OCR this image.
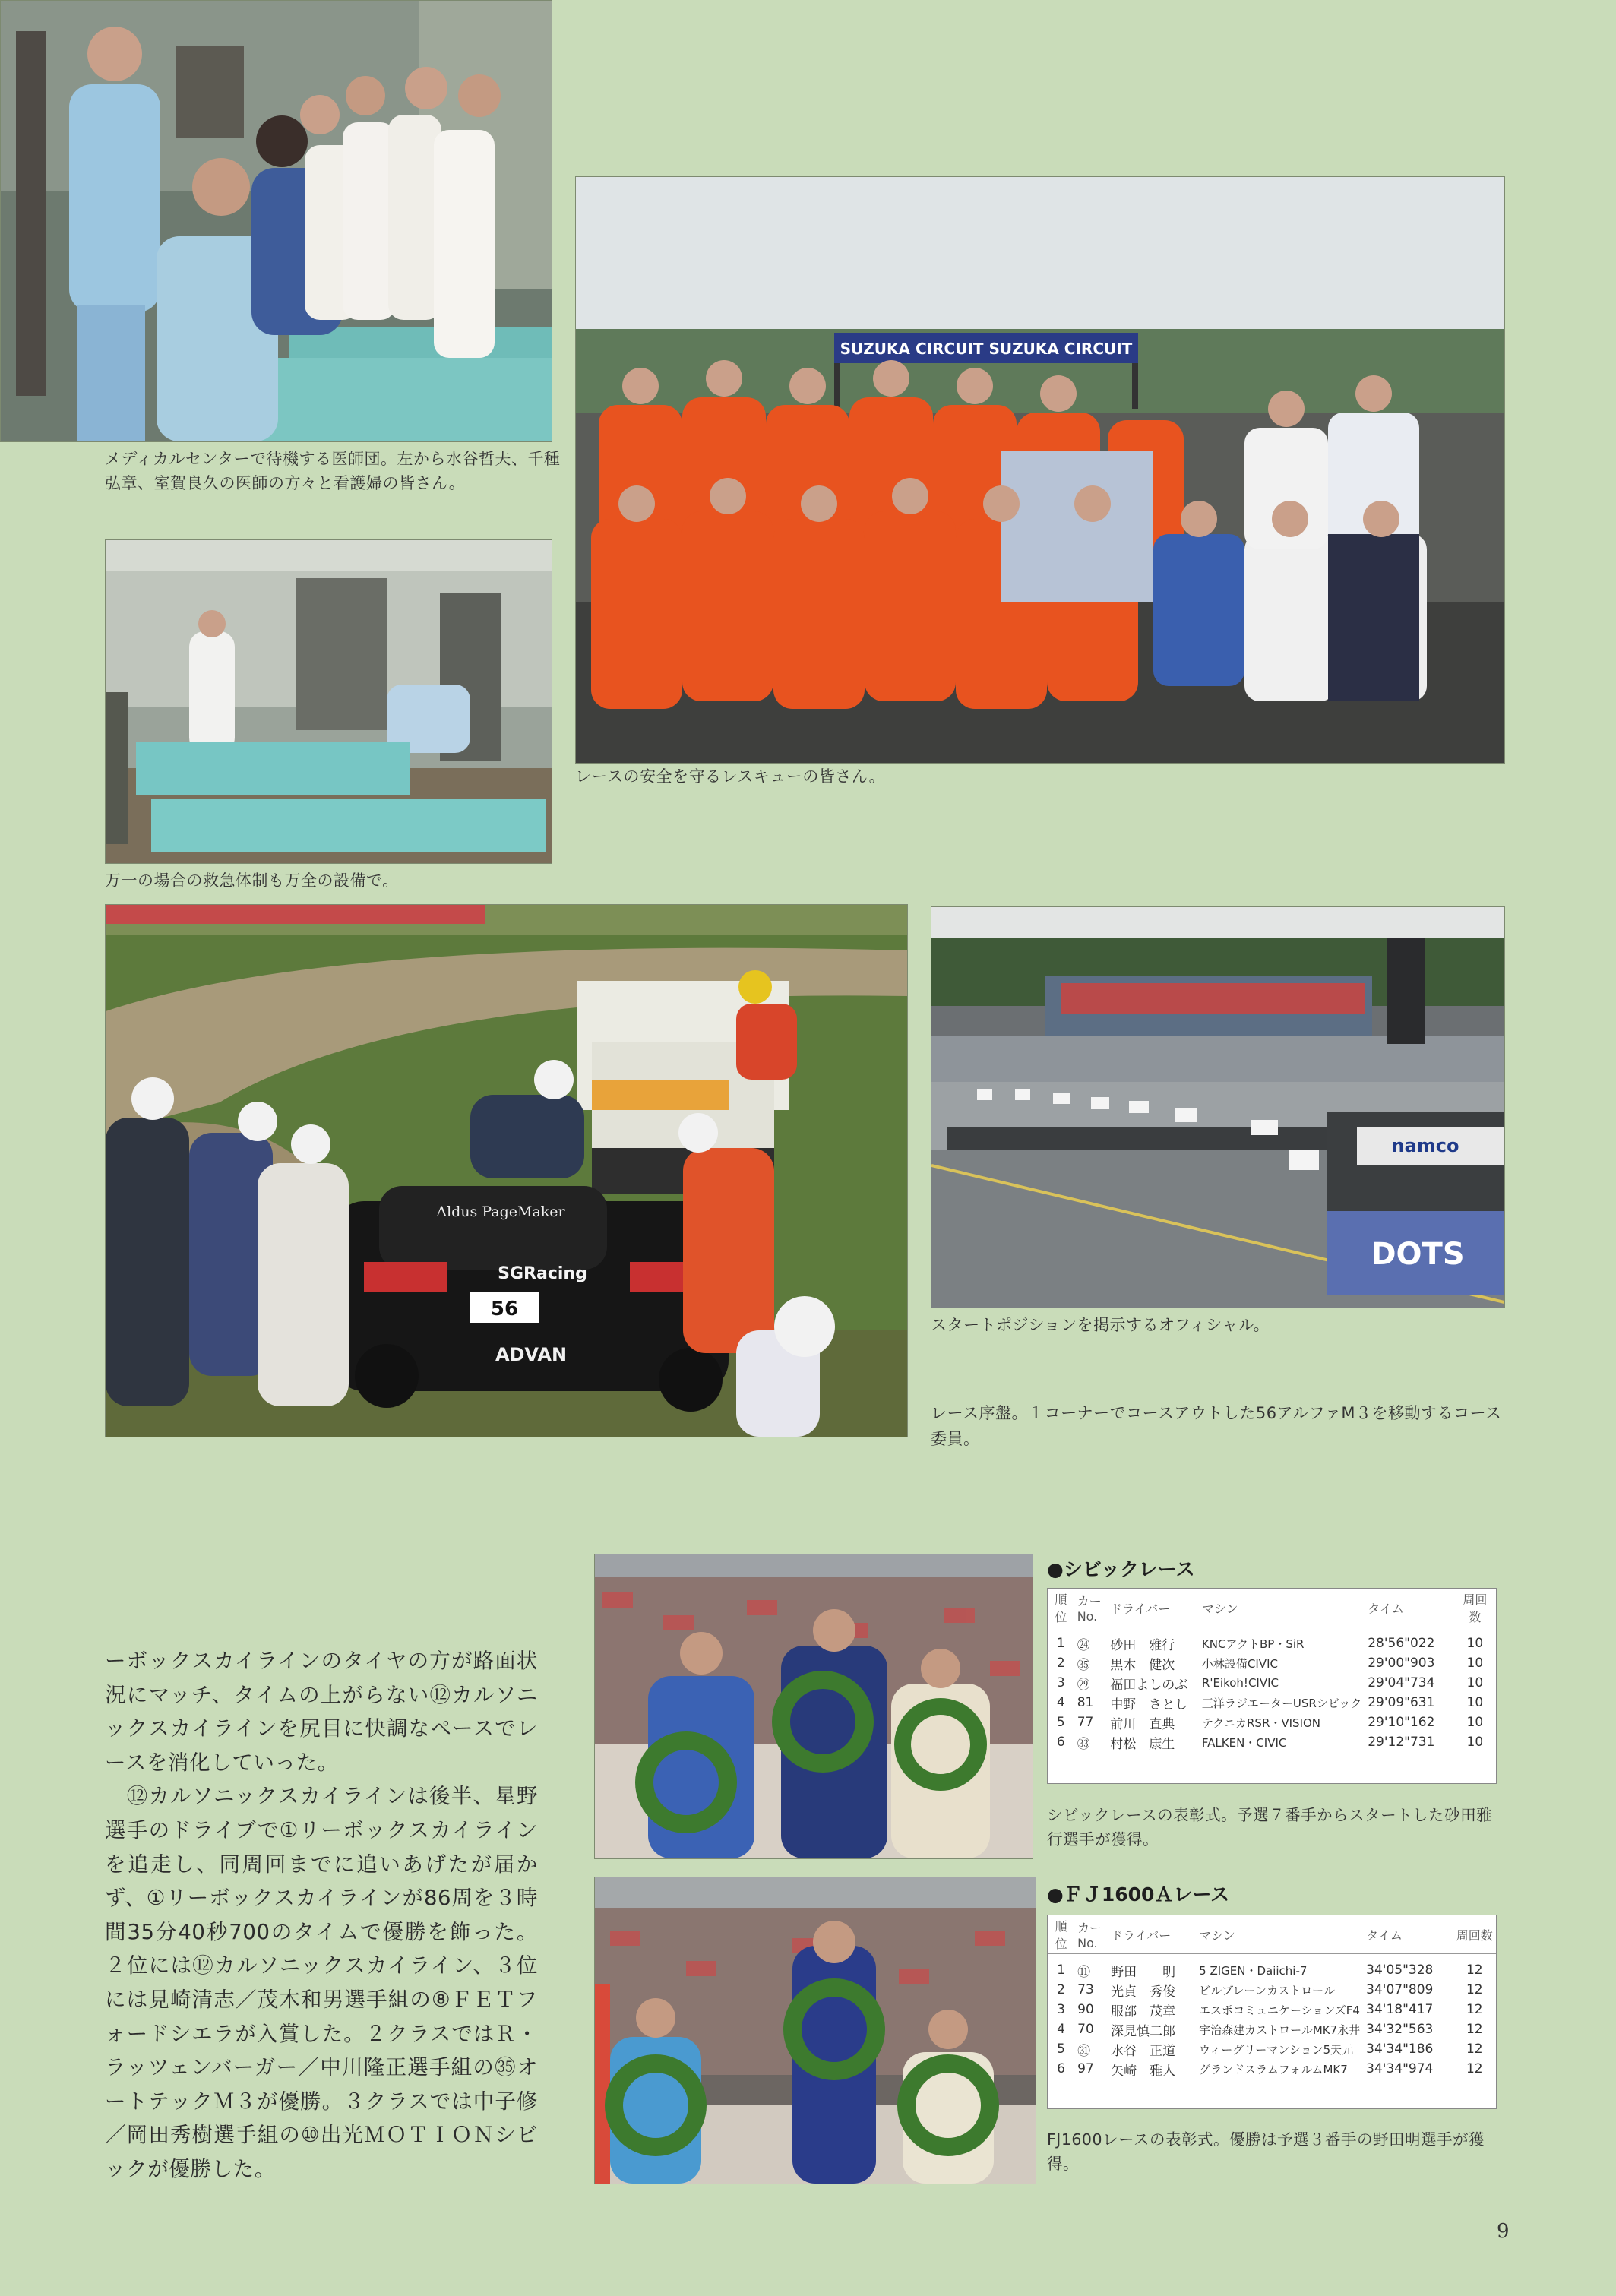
メディカルセンターで待機する医師団。左から水谷哲夫、千種弘章、室賀良久の医師の方々と看護婦の皆さん。
SUZUKA CIRCUIT SUZUKA CIRCUIT
レースの安全を守るレスキューの皆さん。
万一の場合の救急体制も万全の設備で。
Aldus PageMaker
SGRacing
56
ADVAN
レース序盤。１コーナーでコースアウトした56アルファM３を移動するコース委員。
namco
DOTS
スタートポジションを掲示するオフィシャル。

ーボックスカイラインのタイヤの方が路面状況にマッチ、タイムの上がらない⑫カルソニックスカイラインを尻目に快調なペースでレースを消化していった。

　⑫カルソニックスカイラインは後半、星野選手のドライブで①リーボックスカイラインを追走し、同周回までに追いあげたが届かず、①リーボックスカイラインが86周を３時間35分40秒700のタイムで優勝を飾った。２位には⑫カルソニックスカイライン、３位には見崎清志／茂木和男選手組の⑧ＦＥＴフォードシエラが入賞した。２クラスではＲ・ラッツェンバーガー／中川隆正選手組の㉟オートテックＭ３が優勝。３クラスでは中子修／岡田秀樹選手組の⑩出光ＭＯＴＩＯＮシビックが優勝した。

●シビックレース
順位	カーNo.	ドライバー	マシン	タイム	周回数
1	㉔	砂田　雅行	KNCアクトBP・SiR	28'56"022	10
2	㉟	黒木　健次	小林設備CIVIC	29'00"903	10
3	㉙	福田よしのぶ	R'Eikoh!CIVIC	29'04"734	10
4	81	中野　さとし	三洋ラジエーターUSRシビック	29'09"631	10
5	77	前川　直典	テクニカRSR・VISION	29'10"162	10
6	㉝	村松　康生	FALKEN・CIVIC	29'12"731	10
シビックレースの表彰式。予選７番手からスタートした砂田雅行選手が獲得。
●ＦＪ1600Ａレース
順位	カーNo.	ドライバー	マシン	タイム	周回数
1	⑪	野田　　明	5 ZIGEN・Daiichi-7	34'05"328	12
2	73	光貞　秀俊	ビルブレーンカストロール	34'07"809	12
3	90	服部　茂章	エスポコミュニケーションズF4	34'18"417	12
4	70	深見慎二郎	宇治森建カストロールMK7永井	34'32"563	12
5	㉛	水谷　正道	ウィーグリーマンション5天元	34'34"186	12
6	97	矢崎　雅人	グランドスラムフォルムMK7	34'34"974	12
FJ1600レースの表彰式。優勝は予選３番手の野田明選手が獲得。
9
